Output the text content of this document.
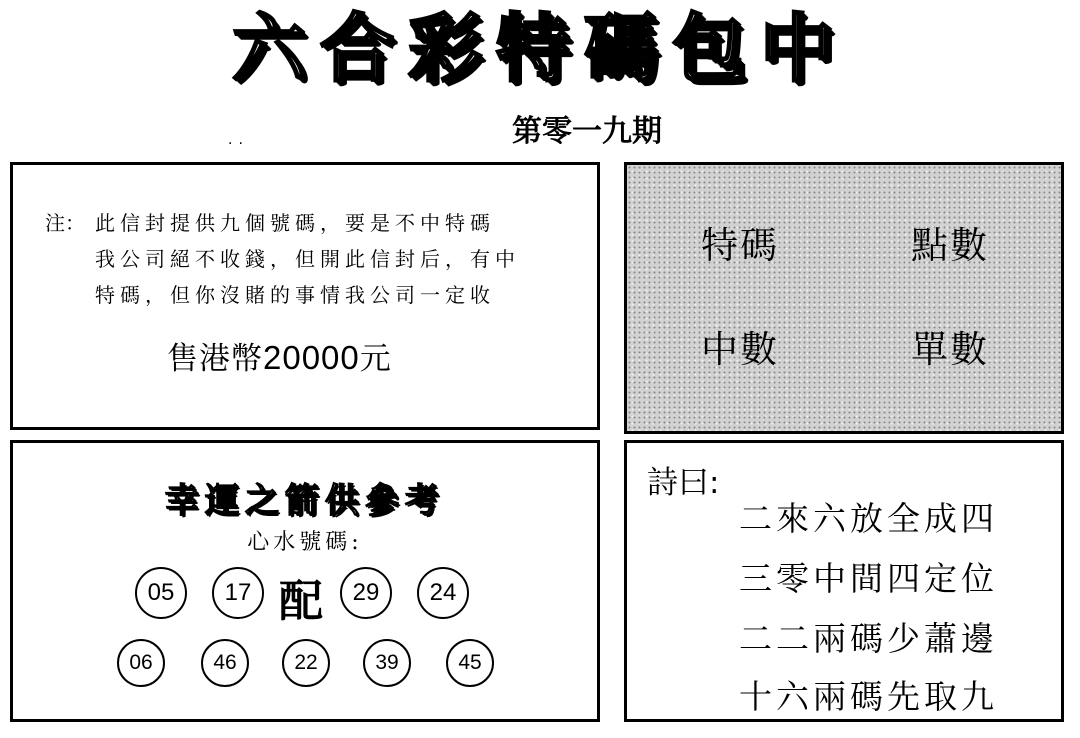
六合彩特碼包中
第零一九期
..
注： 此信封提供九個號碼，要是不中特碼
我公司絕不收錢，但開此信封后，有中
特碼，但你沒賭的事情我公司一定收
售港幣20000元
特碼	點數
中數	單數
幸運之箭供參考
心水號碼:
05	17 配	29	24
06	46	22	39	45
詩曰:
二來六放全成四
三零中間四定位
二二兩碼少蕭邊
十六兩碼先取九
